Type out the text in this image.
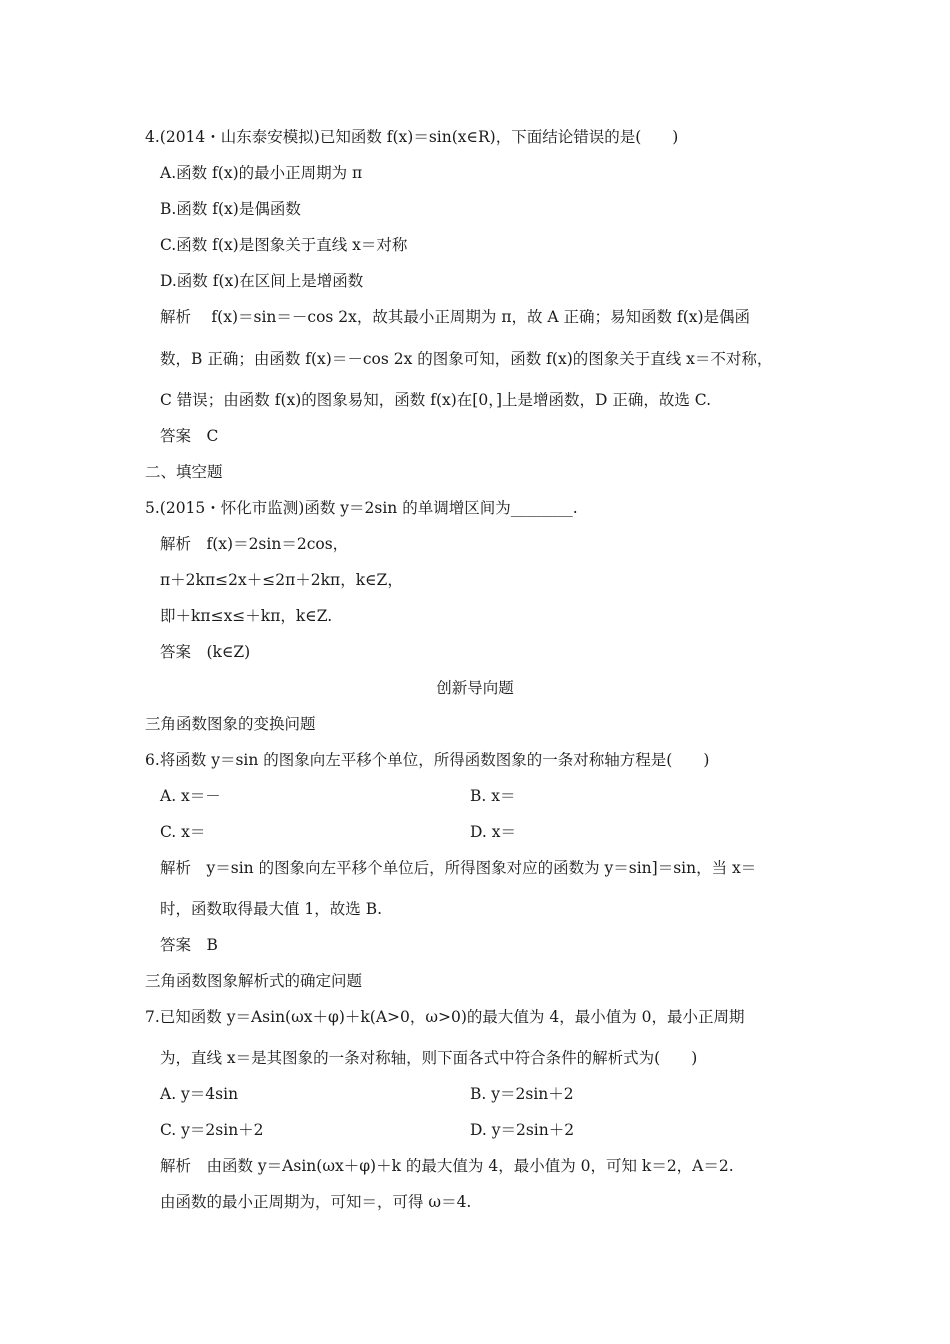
4.(2014・山东泰安模拟)已知函数 f(x)＝sin(x∈R)，下面结论错误的是(　　)
A.函数 f(x)的最小正周期为 π
B.函数 f(x)是偶函数
C.函数 f(x)是图象关于直线 x＝对称
D.函数 f(x)在区间上是增函数
解析　 f(x)＝sin＝－cos 2x，故其最小正周期为 π，故 A 正确；易知函数 f(x)是偶函
数，B 正确；由函数 f(x)＝－cos 2x 的图象可知，函数 f(x)的图象关于直线 x＝不对称，
C 错误；由函数 f(x)的图象易知，函数 f(x)在[0，]上是增函数，D 正确，故选 C.
答案　C
二、填空题
5.(2015・怀化市监测)函数 y＝2sin 的单调增区间为________.
解析　f(x)＝2sin＝2cos，
π＋2kπ≤2x＋≤2π＋2kπ，k∈Z，
即＋kπ≤x≤＋kπ，k∈Z.
答案　(k∈Z)
创新导向题
三角函数图象的变换问题
6.将函数 y＝sin 的图象向左平移个单位，所得函数图象的一条对称轴方程是(　　)
A. x＝－	B. x＝
C. x＝	D. x＝
解析　y＝sin 的图象向左平移个单位后，所得图象对应的函数为 y＝sin]＝sin，当 x＝
时，函数取得最大值 1，故选 B.
答案　B
三角函数图象解析式的确定问题
7.已知函数 y＝Asin(ωx＋φ)＋k(A>0，ω>0)的最大值为 4，最小值为 0，最小正周期
为，直线 x＝是其图象的一条对称轴，则下面各式中符合条件的解析式为(　　)
A. y＝4sin	B. y＝2sin＋2
C. y＝2sin＋2	D. y＝2sin＋2
解析　由函数 y＝Asin(ωx＋φ)＋k 的最大值为 4，最小值为 0，可知 k＝2，A＝2.
由函数的最小正周期为，可知＝，可得 ω＝4.
